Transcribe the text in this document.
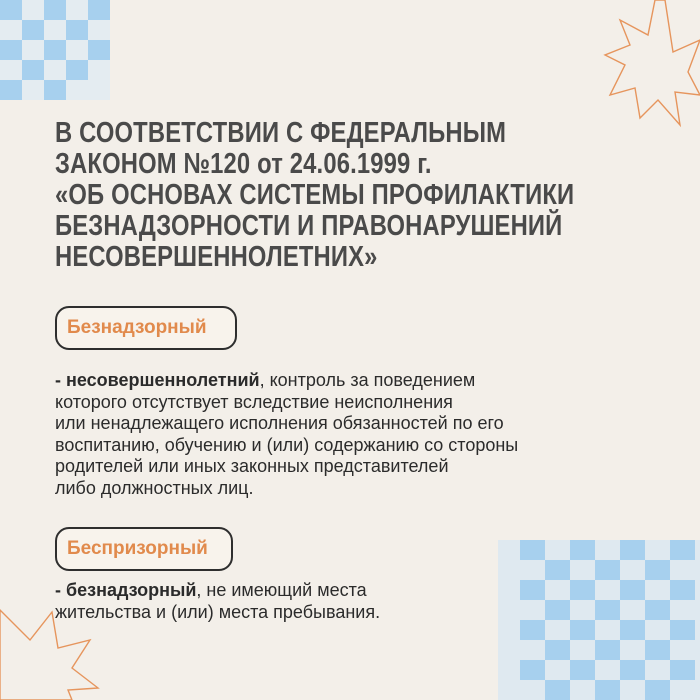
В СООТВЕТСТВИИ С ФЕДЕРАЛЬНЫМ
ЗАКОНОМ №120 от 24.06.1999 г.
«ОБ ОСНОВАХ СИСТЕМЫ ПРОФИЛАКТИКИ
БЕЗНАДЗОРНОСТИ И ПРАВОНАРУШЕНИЙ
НЕСОВЕРШЕННОЛЕТНИХ»
Безнадзорный
- несовершеннолетний, контроль за поведением
которого отсутствует вследствие неисполнения
или ненадлежащего исполнения обязанностей по его
воспитанию, обучению и (или) содержанию со стороны
родителей или иных законных представителей
либо должностных лиц.
Беспризорный
- безнадзорный, не имеющий места
жительства и (или) места пребывания.
